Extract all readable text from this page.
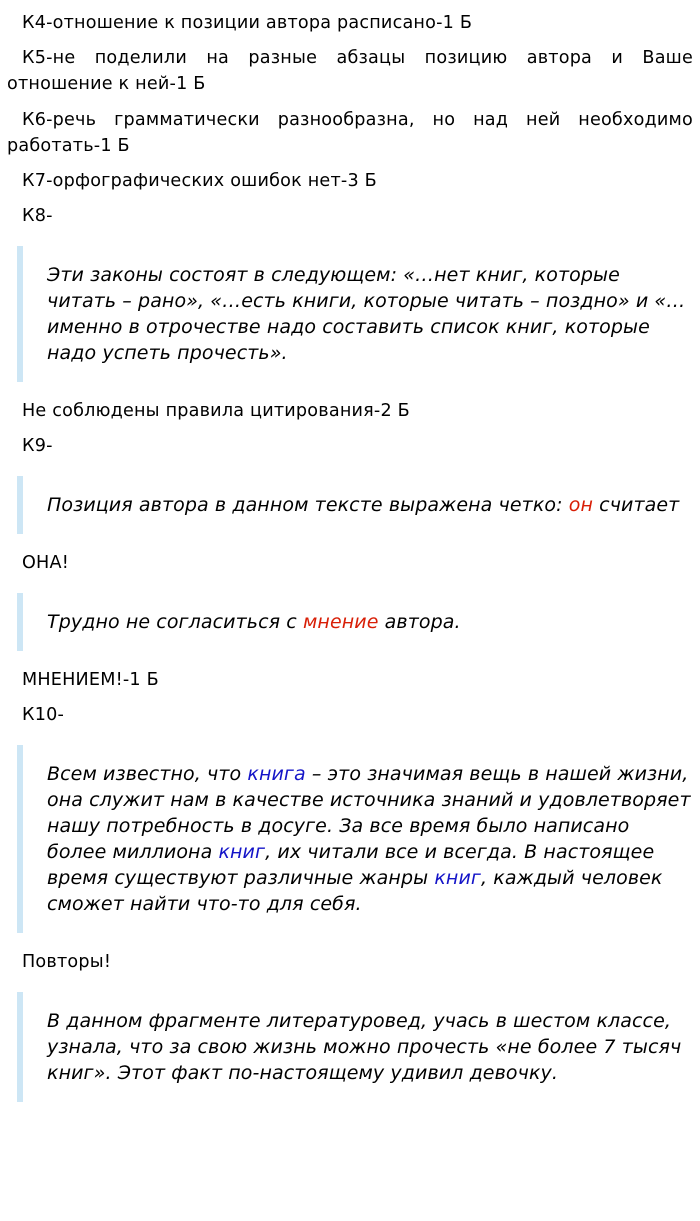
К4-отношение к позиции автора расписано-1 Б

К5-не поделили на разные абзацы позицию автора и Ваше отношение к ней-1 Б

К6-речь грамматически разнообразна, но над ней необходимо работать-1 Б

К7-орфографических ошибок нет-3 Б

К8-

Эти законы состоят в следующем: «…нет книг, которые читать – рано», «…есть книги, которые читать – поздно» и «…именно в отрочестве надо составить список книг, которые надо успеть прочесть».

Не соблюдены правила цитирования-2 Б

К9-

Позиция автора в данном тексте выражена четко: он считает

ОНА!

Трудно не согласиться с мнение автора.

МНЕНИЕМ!-1 Б

К10-

Всем известно, что книга – это значимая вещь в нашей жизни, она служит нам в качестве источника знаний и удовлетворяет нашу потребность в досуге. За все время было написано более миллиона книг, их читали все и всегда. В настоящее время существуют различные жанры книг, каждый человек сможет найти что-то для себя.

Повторы!

В данном фрагменте литературовед, учась в шестом классе, узнала, что за свою жизнь можно прочесть «не более 7 тысяч книг». Этот факт по-настоящему удивил девочку.
